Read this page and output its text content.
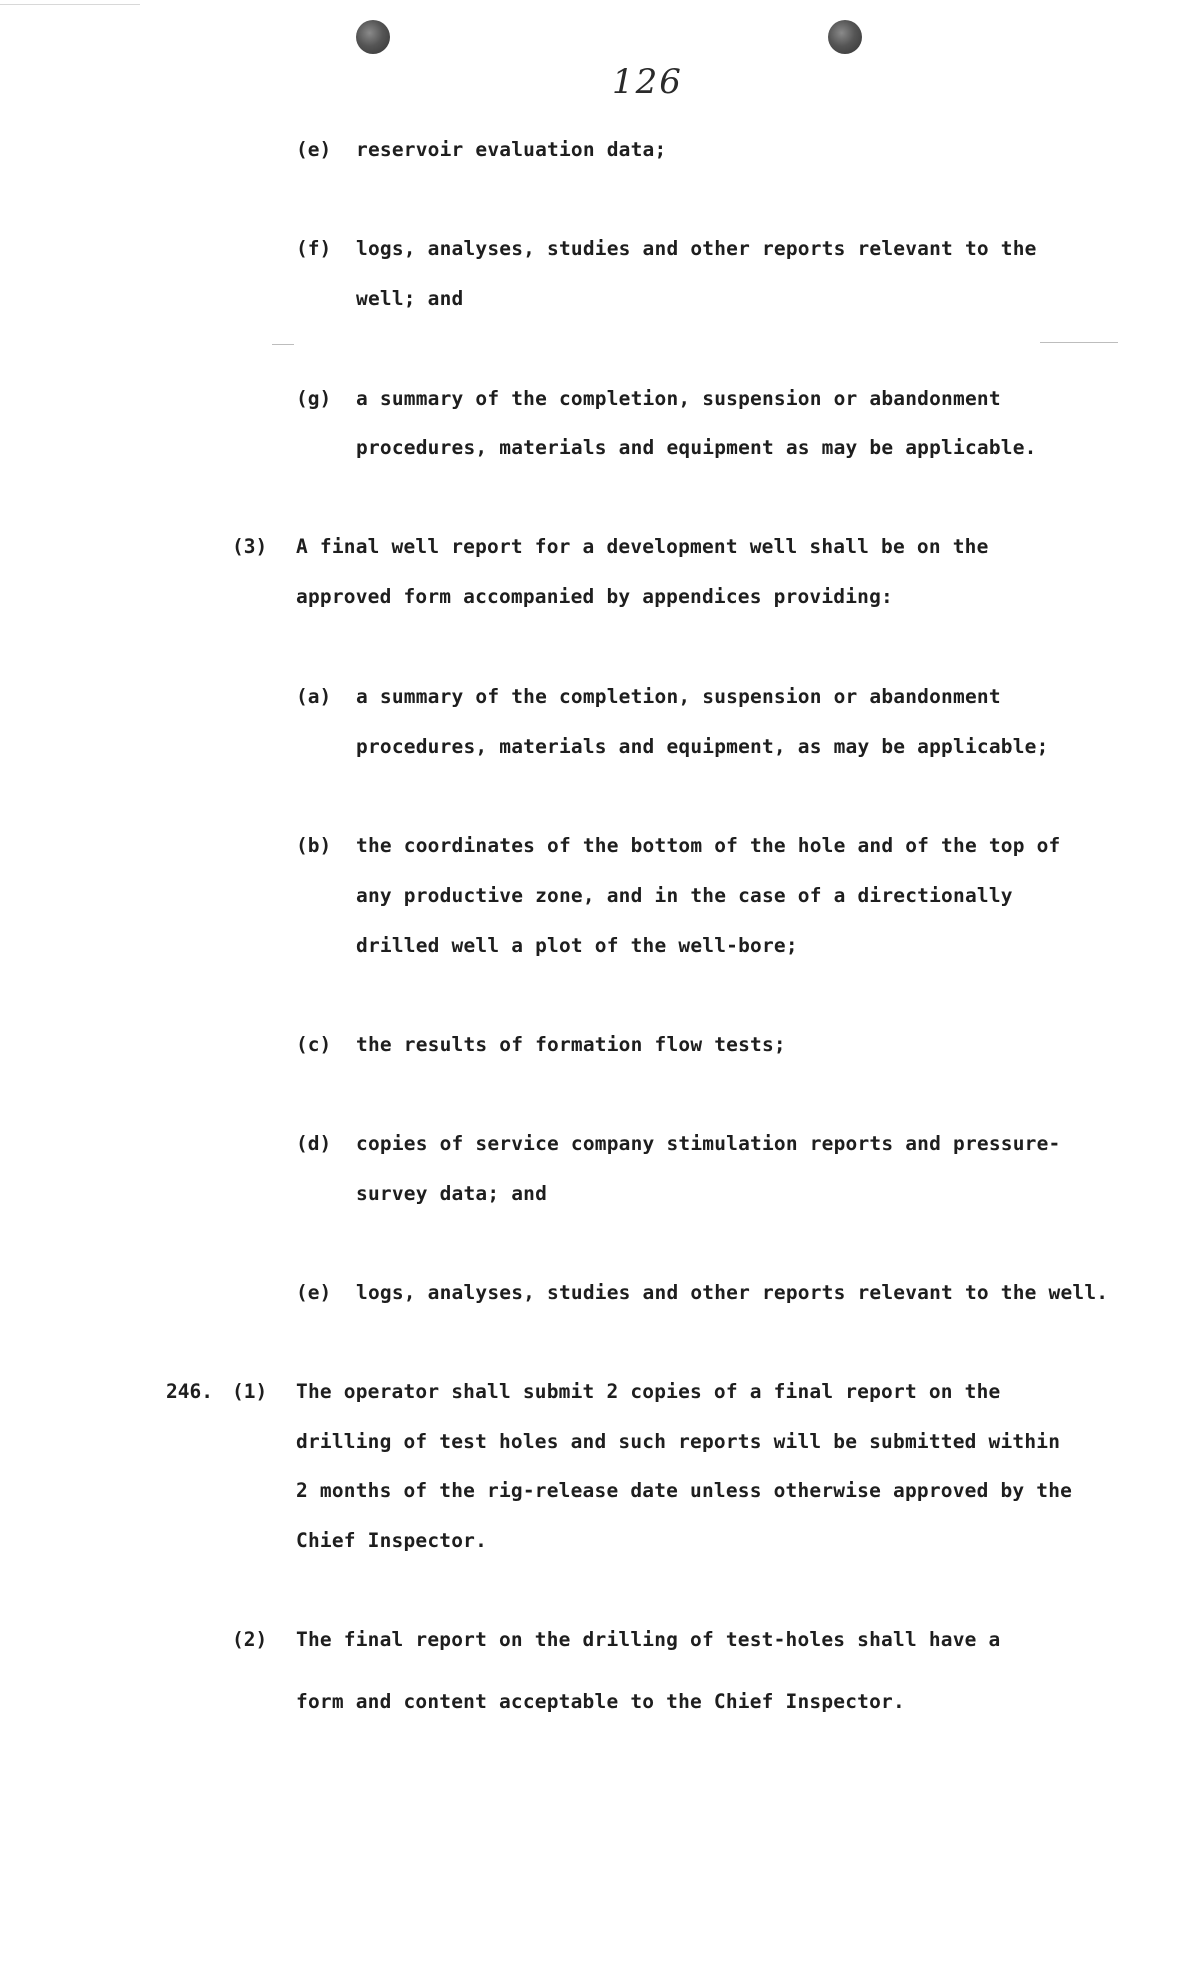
126
(e) reservoir evaluation data;
(f) logs, analyses, studies and other reports relevant to the
well; and
(g) a summary of the completion, suspension or abandonment
procedures, materials and equipment as may be applicable.
(3) A final well report for a development well shall be on the
approved form accompanied by appendices providing:
(a) a summary of the completion, suspension or abandonment
procedures, materials and equipment, as may be applicable;
(b) the coordinates of the bottom of the hole and of the top of
any productive zone, and in the case of a directionally
drilled well a plot of the well-bore;
(c) the results of formation flow tests;
(d) copies of service company stimulation reports and pressure-
survey data; and
(e) logs, analyses, studies and other reports relevant to the well.
246. (1) The operator shall submit 2 copies of a final report on the
drilling of test holes and such reports will be submitted within
2 months of the rig-release date unless otherwise approved by the
Chief Inspector.
(2) The final report on the drilling of test-holes shall have a
form and content acceptable to the Chief Inspector.
